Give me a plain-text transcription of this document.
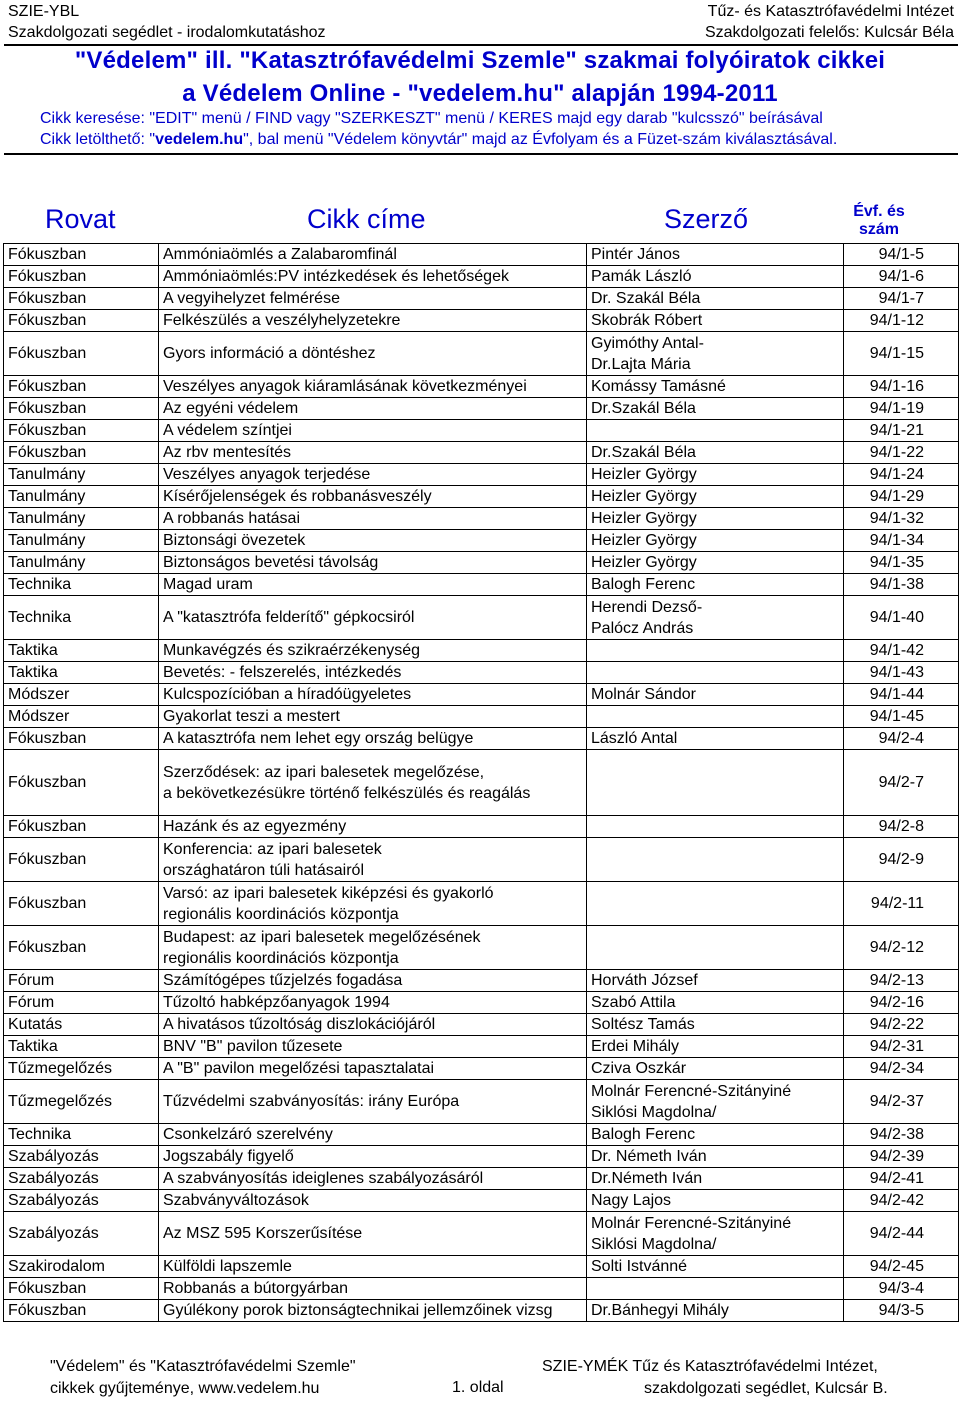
SZIE-YBL
Szakdolgozati segédlet - irodalomkutatáshoz
Tűz- és Katasztrófavédelmi Intézet
Szakdolgozati felelős: Kulcsár Béla
"Védelem" ill. "Katasztrófavédelmi Szemle" szakmai folyóiratok cikkei
a Védelem Online - "vedelem.hu" alapján 1994-2011
Cikk keresése: "EDIT" menü / FIND vagy "SZERKESZT" menü / KERES majd egy darab "kulcsszó" beírásával
Cikk letölthető: "vedelem.hu", bal menü "Védelem könyvtár" majd az Évfolyam és a Füzet-szám kiválasztásával.
Rovat	Cikk címe	Szerző	Évf. és
szám
Fókuszban	Ammóniaömlés a Zalabaromfinál	Pintér János	94/1-5

Fókuszban	Ammóniaömlés:PV intézkedések és lehetőségek	Pamák László	94/1-6

Fókuszban	A vegyihelyzet felmérése	Dr. Szakál Béla	94/1-7

Fókuszban	Felkészülés a veszélyhelyzetekre	Skobrák Róbert	94/1-12

Fókuszban	Gyors információ a döntéshez	Gyimóthy Antal-
Dr.Lajta Mária	94/1-15

Fókuszban	Veszélyes anyagok kiáramlásának következményei	Komássy Tamásné	94/1-16

Fókuszban	Az egyéni védelem	Dr.Szakál Béla	94/1-19

Fókuszban	A védelem színtjei		94/1-21

Fókuszban	Az rbv mentesítés	Dr.Szakál Béla	94/1-22

Tanulmány	Veszélyes anyagok terjedése	Heizler György	94/1-24

Tanulmány	Kísérőjelenségek és robbanásveszély	Heizler György	94/1-29

Tanulmány	A robbanás hatásai	Heizler György	94/1-32

Tanulmány	Biztonsági övezetek	Heizler György	94/1-34

Tanulmány	Biztonságos bevetési távolság	Heizler György	94/1-35

Technika	Magad uram	Balogh Ferenc	94/1-38

Technika	A "katasztrófa felderítő" gépkocsiról	Herendi Dezső-
Palócz András	94/1-40

Taktika	Munkavégzés és szikraérzékenység		94/1-42

Taktika	Bevetés: - felszerelés, intézkedés		94/1-43

Módszer	Kulcspozícióban a híradóügyeletes	Molnár Sándor	94/1-44

Módszer	Gyakorlat teszi a mestert		94/1-45

Fókuszban	A katasztrófa nem lehet egy ország belügye	László Antal	94/2-4

Fókuszban	Szerződések: az ipari balesetek megelőzése,
a bekövetkezésükre történő felkészülés és reagálás		94/2-7

Fókuszban	Hazánk és az egyezmény		94/2-8

Fókuszban	Konferencia: az ipari balesetek
országhatáron túli hatásairól		94/2-9

Fókuszban	Varsó: az ipari balesetek kiképzési és gyakorló
regionális koordinációs központja		94/2-11

Fókuszban	Budapest: az ipari balesetek megelőzésének
regionális koordinációs központja		94/2-12

Fórum	Számítógépes tűzjelzés fogadása	Horváth József	94/2-13

Fórum	Tűzoltó habképzőanyagok 1994	Szabó Attila	94/2-16

Kutatás	A hivatásos tűzoltóság diszlokációjáról	Soltész Tamás	94/2-22

Taktika	BNV "B" pavilon tűzesete	Erdei Mihály	94/2-31

Tűzmegelőzés	A "B" pavilon megelőzési tapasztalatai	Cziva Oszkár	94/2-34

Tűzmegelőzés	Tűzvédelmi szabványosítás: irány Európa	Molnár Ferencné-Szitányiné
Siklósi Magdolna/	94/2-37

Technika	Csonkelzáró szerelvény	Balogh Ferenc	94/2-38

Szabályozás	Jogszabály figyelő	Dr. Németh Iván	94/2-39

Szabályozás	A szabványosítás ideiglenes szabályozásáról	Dr.Németh Iván	94/2-41

Szabályozás	Szabványváltozások	Nagy Lajos	94/2-42

Szabályozás	Az MSZ 595 Korszerűsítése	Molnár Ferencné-Szitányiné
Siklósi Magdolna/	94/2-44

Szakirodalom	Külföldi lapszemle	Solti Istvánné	94/2-45

Fókuszban	Robbanás a bútorgyárban		94/3-4

Fókuszban	Gyúlékony porok biztonságtechnikai jellemzőinek vizsg	Dr.Bánhegyi Mihály	94/3-5
"Védelem" és "Katasztrófavédelmi Szemle"
cikkek gyűjteménye, www.vedelem.hu	1. oldal
SZIE-YMÉK Tűz és Katasztrófavédelmi Intézet,
szakdolgozati segédlet, Kulcsár B.
